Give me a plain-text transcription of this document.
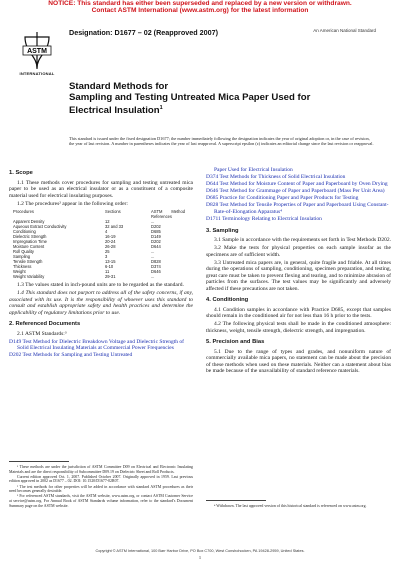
NOTICE: This standard has either been superseded and replaced by a new version or withdrawn.
Contact ASTM International (www.astm.org) for the latest information
ASTM
INTERNATIONAL
Designation: D1677 – 02 (Reapproved 2007)	An American National Standard
Standard Methods for
Sampling and Testing Untreated Mica Paper Used for
Electrical Insulation$^1$
This standard is issued under the fixed designation D1677; the number immediately following the designation indicates the year of original adoption or, in the case of revision, the year of last revision. A number in parentheses indicates the year of last reapproval. A superscript epsilon (ε) indicates an editorial change since the last revision or reapproval.
1. Scope

1.1 These methods cover procedures for sampling and testing untreated mica paper to be used as an electrical insulator or as a constituent of a composite material used for electrical insulating purposes.

1.2 The procedures² appear in the following order:

Procedures	Sections	ASTM Method References
Apparent Density	12	...
Aqueous Extract Conductivity	32 and 33	D202
Conditioning	4	D685
Dielectric Strength	16-19	D149
Impregnation Time	20-24	D202
Moisture Content	26-28	D644
Roll Quality	25	...
Sampling	3	...
Tensile Strength	13-15	D828
Thickness	6-10	D374
Weight	11	D646
Weight Variability	29-31	...

1.3 The values stated in inch-pound units are to be regarded as the standard.

1.4 This standard does not purport to address all of the safety concerns, if any, associated with its use. It is the responsibility of whoever uses this standard to consult and establish appropriate safety and health practices and determine the applicability of regulatory limitations prior to use.

2. Referenced Documents

2.1 ASTM Standards:³

D149 Test Method for Dielectric Breakdown Voltage and Dielectric Strength of Solid Electrical Insulating Materials at Commercial Power Frequencies
D202 Test Methods for Sampling and Testing Untreated
Paper Used for Electrical Insulation
D374 Test Methods for Thickness of Solid Electrical Insulation
D644 Test Method for Moisture Content of Paper and Paperboard by Oven Drying
D646 Test Method for Grammage of Paper and Paperboard (Mass Per Unit Area)
D685 Practice for Conditioning Paper and Paper Products for Testing
D828 Test Method for Tensile Properties of Paper and Paperboard Using Constant-Rate-of-Elongation Apparatus⁴
D1711 Terminology Relating to Electrical Insulation
3. Sampling

3.1 Sample in accordance with the requirements set forth in Test Methods D202.

3.2 Make the tests for physical properties on each sample insofar as the specimens are of sufficient width.

3.3 Untreated mica papers are, in general, quite fragile and friable. At all times during the operations of sampling, conditioning, specimen preparation, and testing, great care must be taken to prevent flexing and tearing, and to minimize abrasion of particles from the surfaces. The test values may be significantly and adversely affected if these precautions are not taken.

4. Conditioning

4.1 Condition samples in accordance with Practice D685, except that samples should remain in the conditioned air for not less than 16 h prior to the tests.

4.2 The following physical tests shall be made in the conditioned atmosphere: thickness, weight, tensile strength, dielectric strength, and impregnation.

5. Precision and Bias

5.1 Due to the range of types and grades, and nonuniform nature of commercially available mica papers, no statement can be made about the precision of these methods when used on these materials. Neither can a statement about bias be made because of the unavailability of standard reference materials.

¹ These methods are under the jurisdiction of ASTM Committee D09 on Electrical and Electronic Insulating Materials and are the direct responsibility of Subcommittee D09.19 on Dielectric Sheet and Roll Products.

Current edition approved Oct. 1, 2007. Published October 2007. Originally approved in 1959. Last previous edition approved in 2002 as D1677 – 02. DOI: 10.1520/D1677-02R07.

² The test methods for other properties will be added in accordance with standard ASTM procedures as their need becomes generally desirable.

³ For referenced ASTM standards, visit the ASTM website, www.astm.org, or contact ASTM Customer Service at service@astm.org. For Annual Book of ASTM Standards volume information, refer to the standard's Document Summary page on the ASTM website.	⁴ Withdrawn. The last approved version of this historical standard is referenced on www.astm.org.

Copyright © ASTM International, 100 Barr Harbor Drive, PO Box C700, West Conshohocken, PA 19428-2959, United States.
1
